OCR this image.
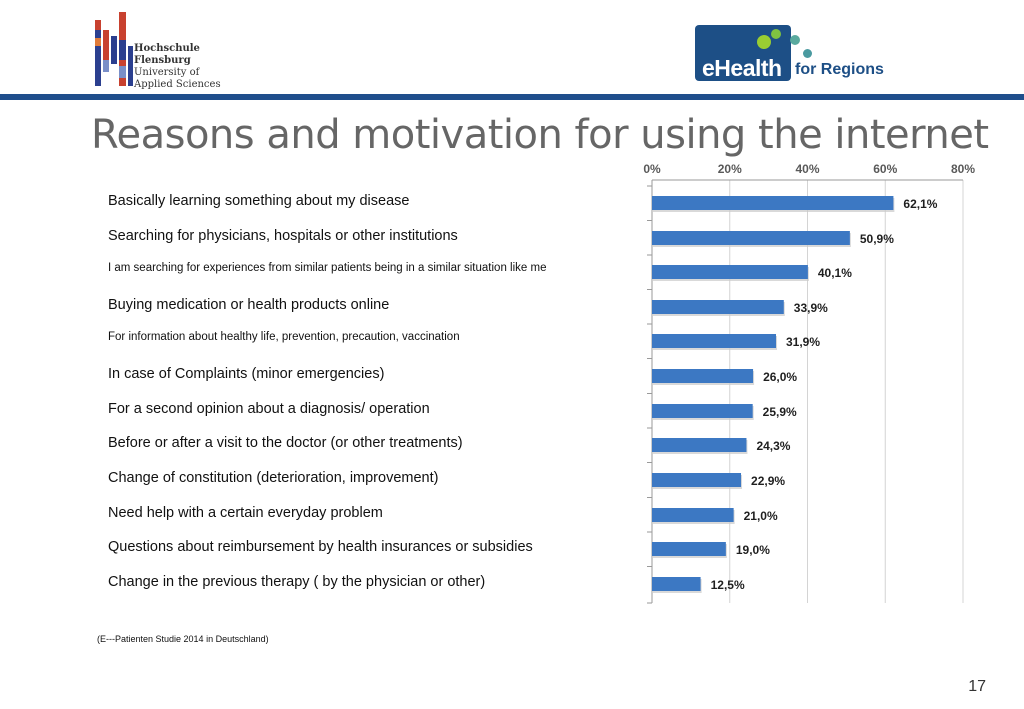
Hochschule
Flensburg
University of
Applied Sciences
eHealth for Regions
Reasons and motivation for using the internet
Basically learning something about my disease
Searching for physicians, hospitals or other institutions
I am searching for experiences from similar patients being in a similar situation like me
Buying medication or health products online
For information about healthy life, prevention, precaution, vaccination
In case of Complaints (minor emergencies)
For a second opinion about a diagnosis/ operation
Before or after a visit to the doctor (or other treatments)
Change of constitution (deterioration, improvement)
Need help with a certain everyday problem
Questions about reimbursement by health insurances or subsidies
Change in the previous therapy ( by the physician or other)
0%	20%	40%	60%	80%
62,1%
50,9%
40,1%
33,9%
31,9%
26,0%
25,9%
24,3%
22,9%
21,0%
19,0%
12,5%
(E---Patienten Studie 2014 in Deutschland)
17
